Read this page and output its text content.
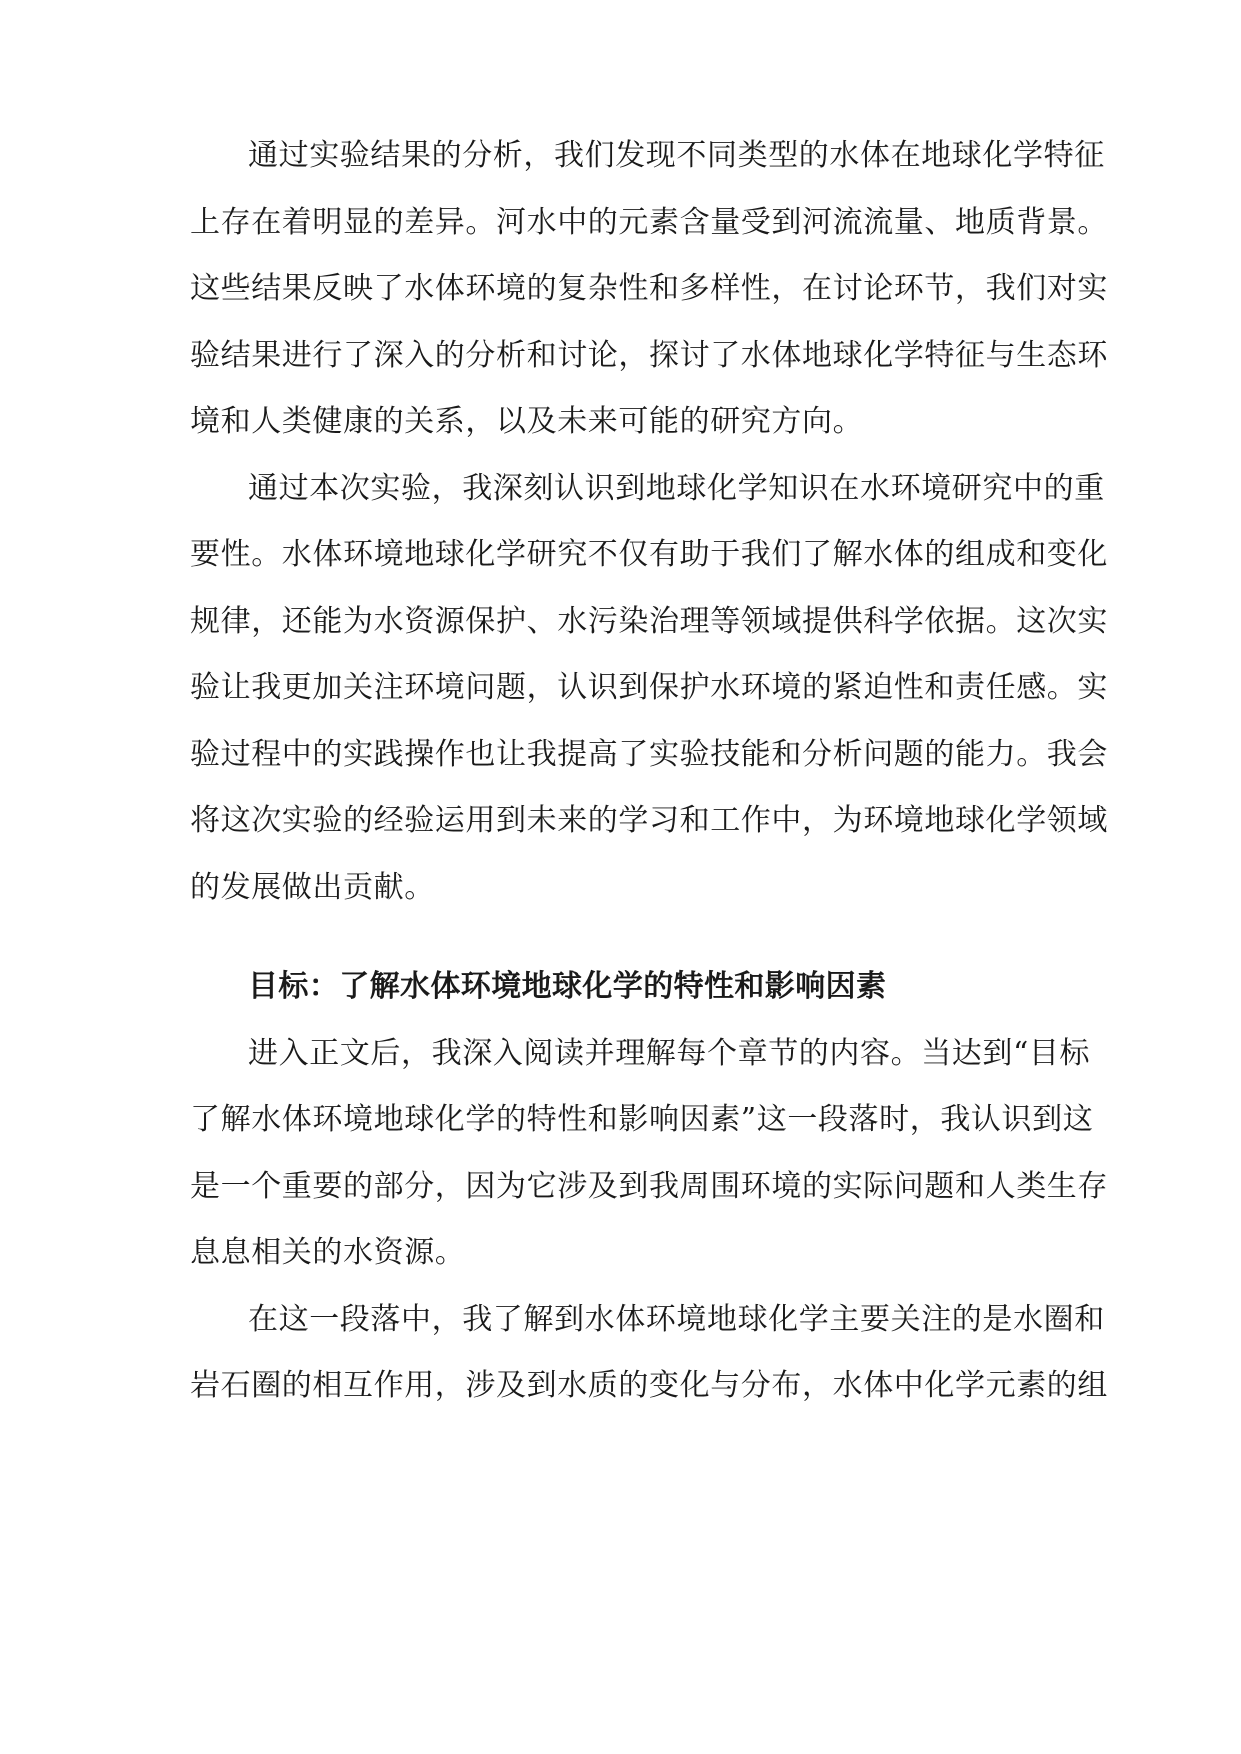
通过实验结果的分析，我们发现不同类型的水体在地球化学特征
上存在着明显的差异。河水中的元素含量受到河流流量、地质背景。
这些结果反映了水体环境的复杂性和多样性，在讨论环节，我们对实
验结果进行了深入的分析和讨论，探讨了水体地球化学特征与生态环
境和人类健康的关系，以及未来可能的研究方向。
通过本次实验，我深刻认识到地球化学知识在水环境研究中的重
要性。水体环境地球化学研究不仅有助于我们了解水体的组成和变化
规律，还能为水资源保护、水污染治理等领域提供科学依据。这次实
验让我更加关注环境问题，认识到保护水环境的紧迫性和责任感。实
验过程中的实践操作也让我提高了实验技能和分析问题的能力。我会
将这次实验的经验运用到未来的学习和工作中，为环境地球化学领域
的发展做出贡献。
目标：了解水体环境地球化学的特性和影响因素
进入正文后，我深入阅读并理解每个章节的内容。当达到“目标
了解水体环境地球化学的特性和影响因素”这一段落时，我认识到这
是一个重要的部分，因为它涉及到我周围环境的实际问题和人类生存
息息相关的水资源。
在这一段落中，我了解到水体环境地球化学主要关注的是水圈和
岩石圈的相互作用，涉及到水质的变化与分布，水体中化学元素的组
